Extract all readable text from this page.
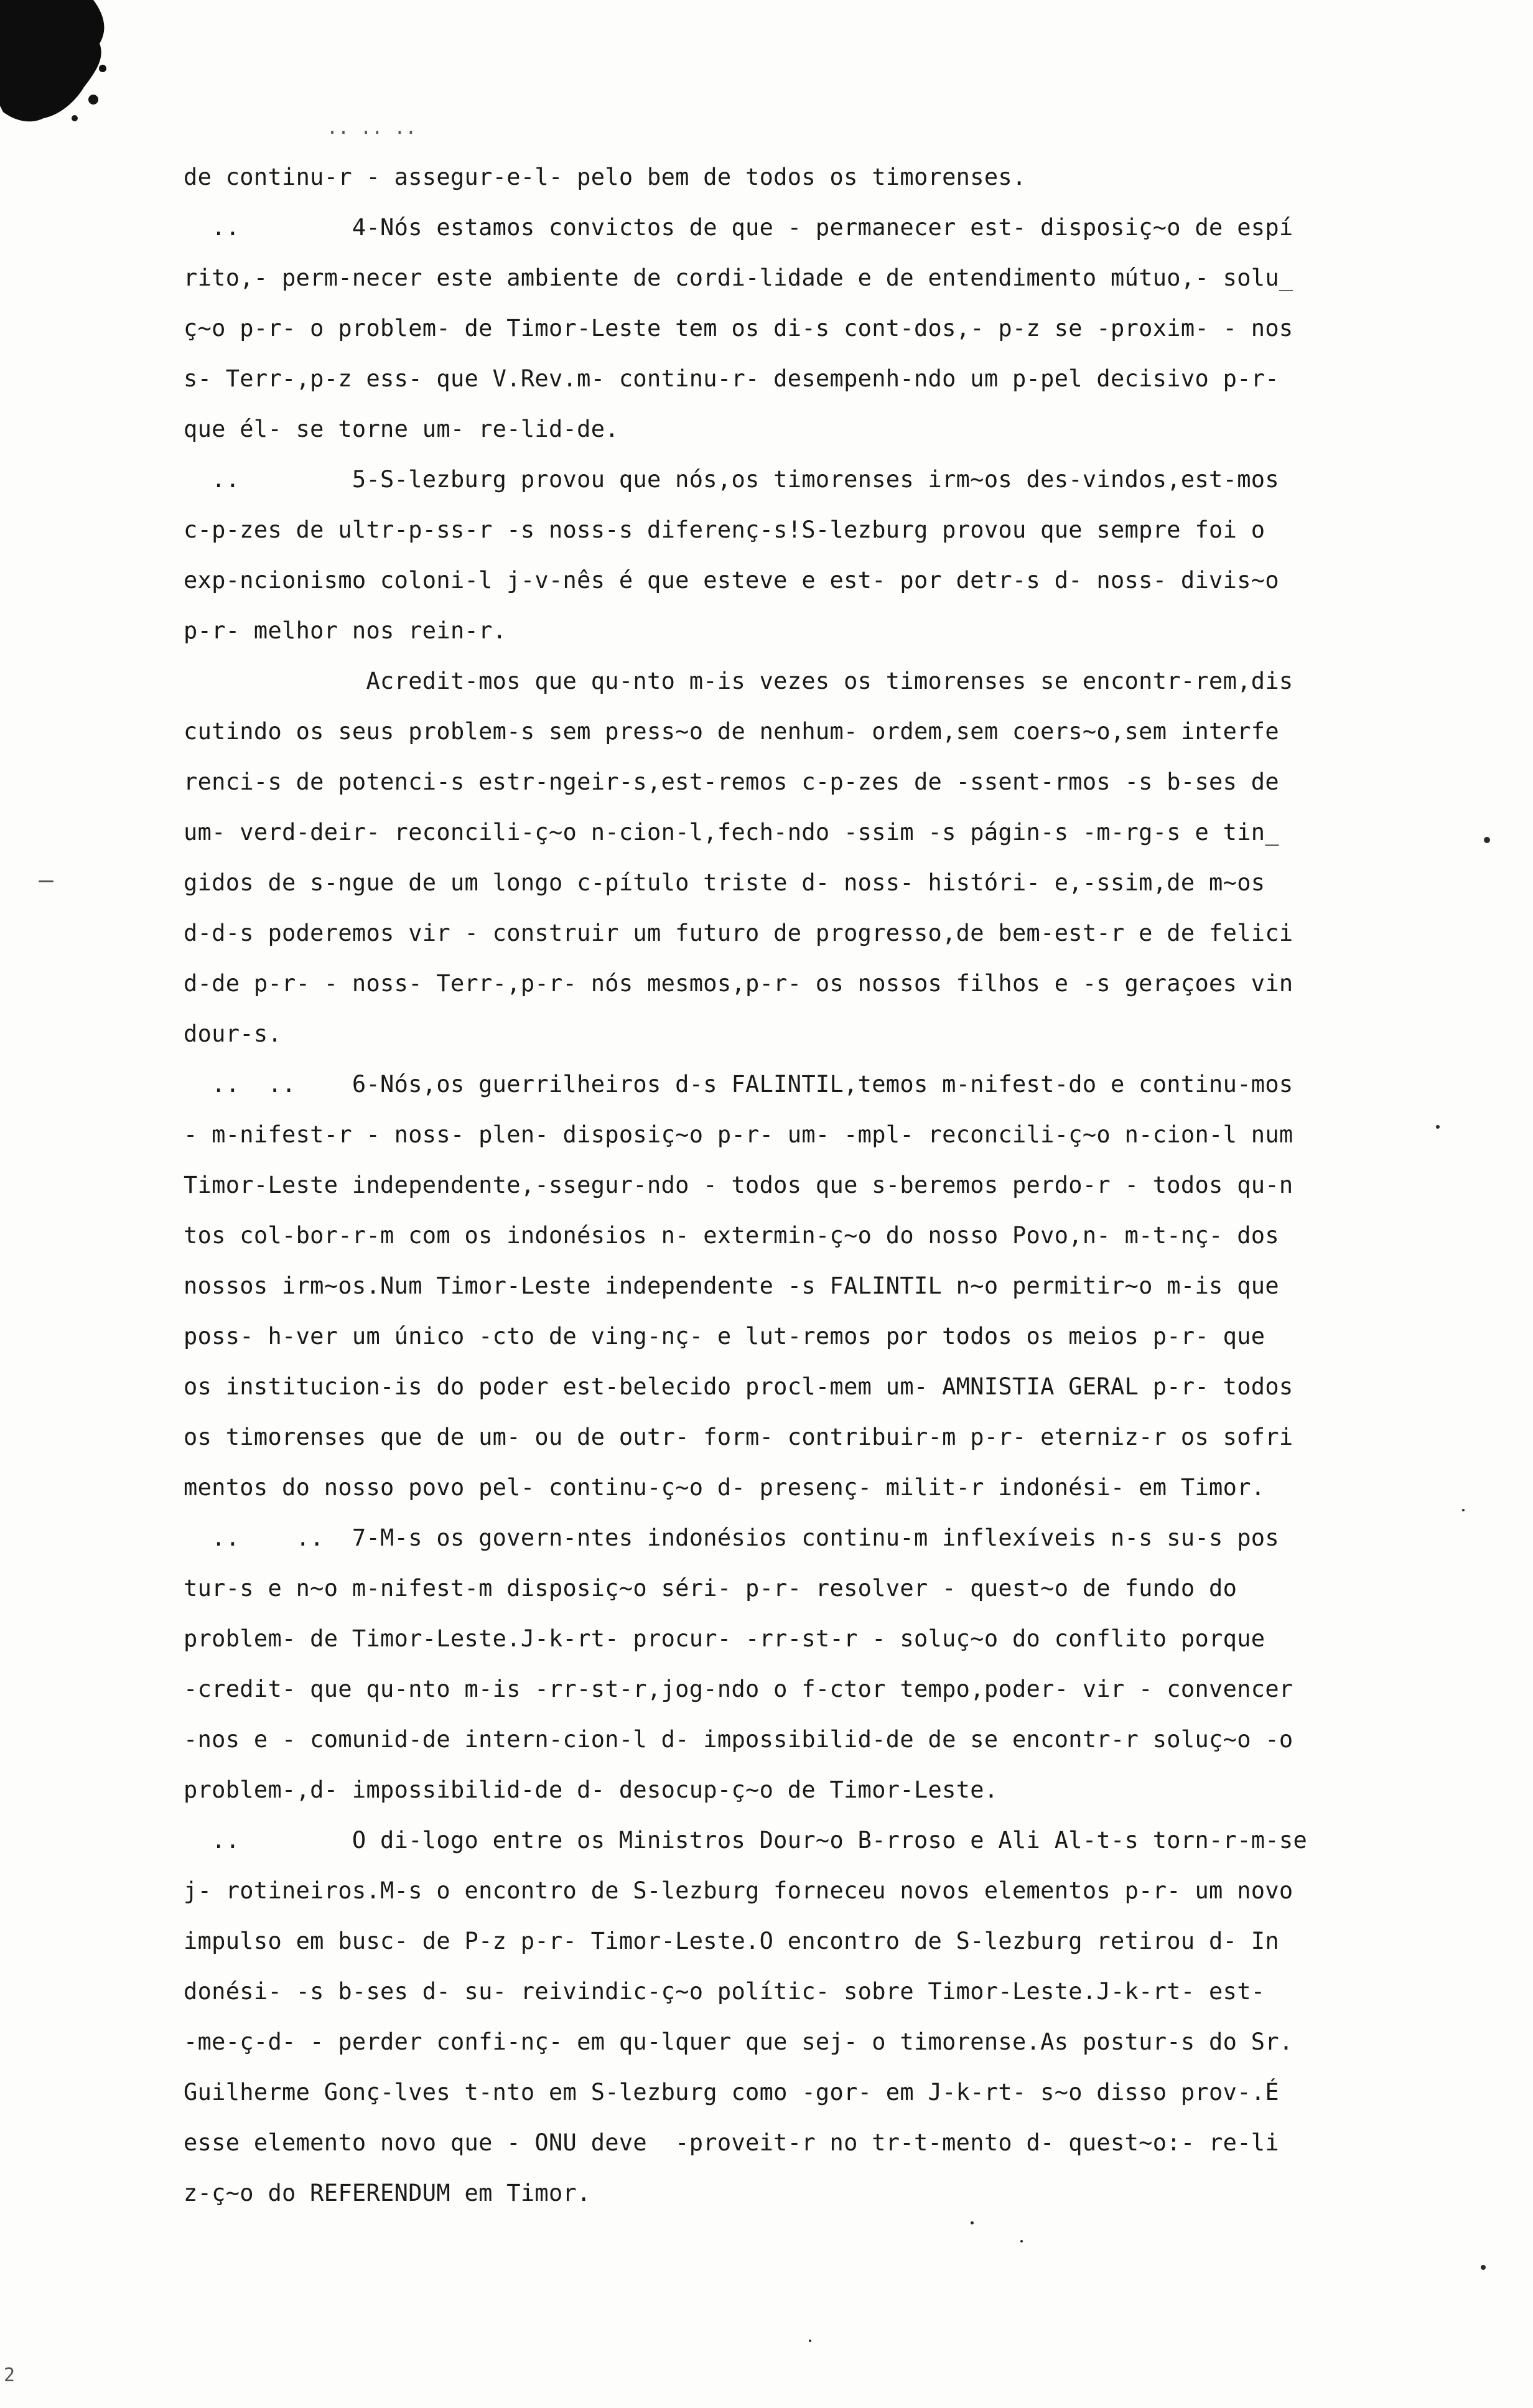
.. .. ..
de continu-r - assegur-e-l- pelo bem de todos os timorenses.
..        4-Nós estamos convictos de que - permanecer est- disposiç~o de espí
rito,- perm-necer este ambiente de cordi-lidade e de entendimento mútuo,- solu_
ç~o p-r- o problem- de Timor-Leste tem os di-s cont-dos,- p-z se -proxim- - nos
s- Terr-,p-z ess- que V.Rev.m- continu-r- desempenh-ndo um p-pel decisivo p-r-
que él- se torne um- re-lid-de.
..        5-S-lezburg provou que nós,os timorenses irm~os des-vindos,est-mos
c-p-zes de ultr-p-ss-r -s noss-s diferenç-s!S-lezburg provou que sempre foi o
exp-ncionismo coloni-l j-v-nês é que esteve e est- por detr-s d- noss- divis~o
p-r- melhor nos rein-r.
Acredit-mos que qu-nto m-is vezes os timorenses se encontr-rem,dis
cutindo os seus problem-s sem press~o de nenhum- ordem,sem coers~o,sem interfe
renci-s de potenci-s estr-ngeir-s,est-remos c-p-zes de -ssent-rmos -s b-ses de
um- verd-deir- reconcili-ç~o n-cion-l,fech-ndo -ssim -s págin-s -m-rg-s e tin_
gidos de s-ngue de um longo c-pítulo triste d- noss- históri- e,-ssim,de m~os
d-d-s poderemos vir - construir um futuro de progresso,de bem-est-r e de felici
d-de p-r- - noss- Terr-,p-r- nós mesmos,p-r- os nossos filhos e -s geraçoes vin
dour-s.
..  ..    6-Nós,os guerrilheiros d-s FALINTIL,temos m-nifest-do e continu-mos
- m-nifest-r - noss- plen- disposiç~o p-r- um- -mpl- reconcili-ç~o n-cion-l num
Timor-Leste independente,-ssegur-ndo - todos que s-beremos perdo-r - todos qu-n
tos col-bor-r-m com os indonésios n- extermin-ç~o do nosso Povo,n- m-t-nç- dos
nossos irm~os.Num Timor-Leste independente -s FALINTIL n~o permitir~o m-is que
poss- h-ver um único -cto de ving-nç- e lut-remos por todos os meios p-r- que
os institucion-is do poder est-belecido procl-mem um- AMNISTIA GERAL p-r- todos
os timorenses que de um- ou de outr- form- contribuir-m p-r- eterniz-r os sofri
mentos do nosso povo pel- continu-ç~o d- presenç- milit-r indonési- em Timor.
..    ..  7-M-s os govern-ntes indonésios continu-m inflexíveis n-s su-s pos
tur-s e n~o m-nifest-m disposiç~o séri- p-r- resolver - quest~o de fundo do
problem- de Timor-Leste.J-k-rt- procur- -rr-st-r - soluç~o do conflito porque
-credit- que qu-nto m-is -rr-st-r,jog-ndo o f-ctor tempo,poder- vir - convencer
-nos e - comunid-de intern-cion-l d- impossibilid-de de se encontr-r soluç~o -o
problem-,d- impossibilid-de d- desocup-ç~o de Timor-Leste.
..        O di-logo entre os Ministros Dour~o B-rroso e Ali Al-t-s torn-r-m-se
j- rotineiros.M-s o encontro de S-lezburg forneceu novos elementos p-r- um novo
impulso em busc- de P-z p-r- Timor-Leste.O encontro de S-lezburg retirou d- In
donési- -s b-ses d- su- reivindic-ç~o polític- sobre Timor-Leste.J-k-rt- est-
-me-ç-d- - perder confi-nç- em qu-lquer que sej- o timorense.As postur-s do Sr.
Guilherme Gonç-lves t-nto em S-lezburg como -gor- em J-k-rt- s~o disso prov-.É
esse elemento novo que - ONU deve  -proveit-r no tr-t-mento d- quest~o:- re-li
z-ç~o do REFERENDUM em Timor.
2
